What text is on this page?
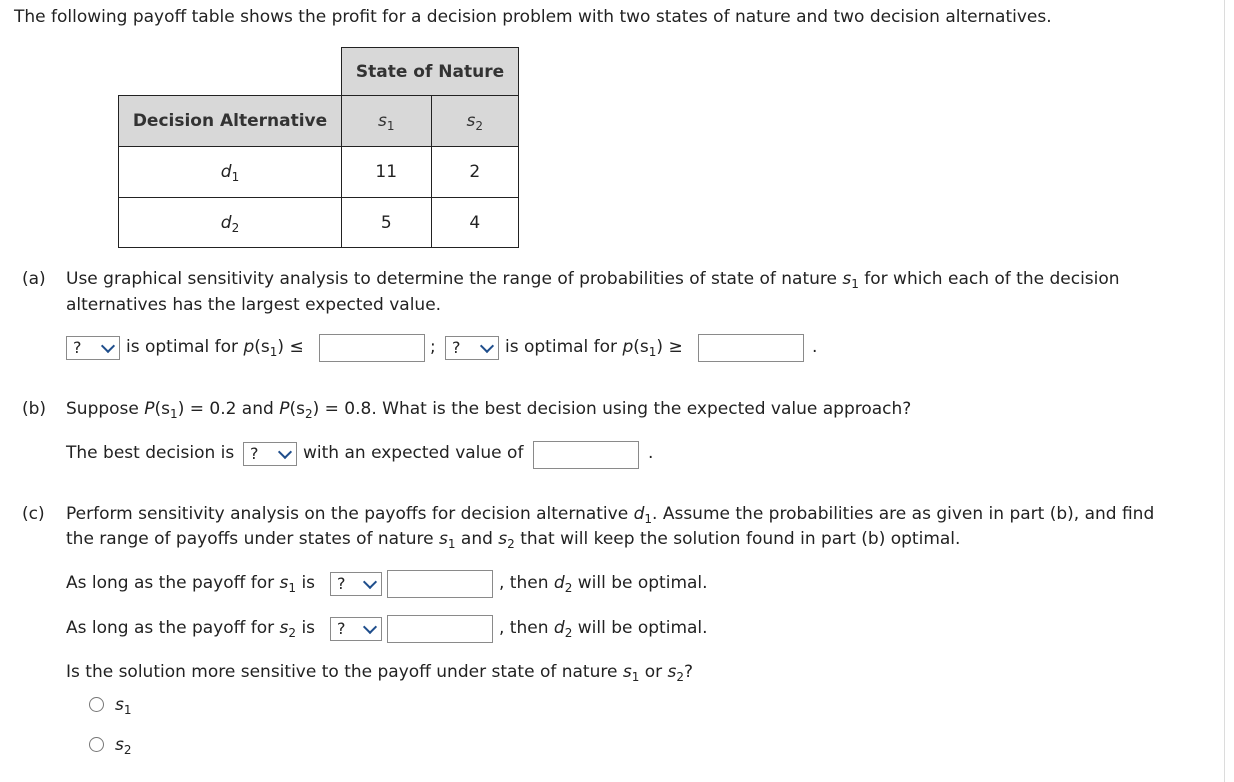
The following payoff table shows the profit for a decision problem with two states of nature and two decision alternatives.
	State of Nature	
Decision Alternative	$s_1$	$s_2$
$d_1$	11	2
$d_2$	5	4
(a) Use graphical sensitivity analysis to determine the range of probabilities of state of nature $s_1$ for which each of the decision
alternatives has the largest expected value.
?	is optimal for $p(s_1)$ ≤	;	?	is optimal for $p(s_1)$ ≥	.
(b) Suppose $P(s_1) = 0.2$ and $P(s_2) = 0.8$. What is the best decision using the expected value approach?
The best decision is ?	with an expected value of	.
(c) Perform sensitivity analysis on the payoffs for decision alternative $d_1$. Assume the probabilities are as given in part (b), and find
the range of payoffs under states of nature $s_1$ and $s_2$ that will keep the solution found in part (b) optimal.
As long as the payoff for $s_1$ is	?	, then $d_2$ will be optimal.
As long as the payoff for $s_2$ is	?	, then $d_2$ will be optimal.
Is the solution more sensitive to the payoff under state of nature $s_1$ or $s_2$?
$s_1$
$s_2$
